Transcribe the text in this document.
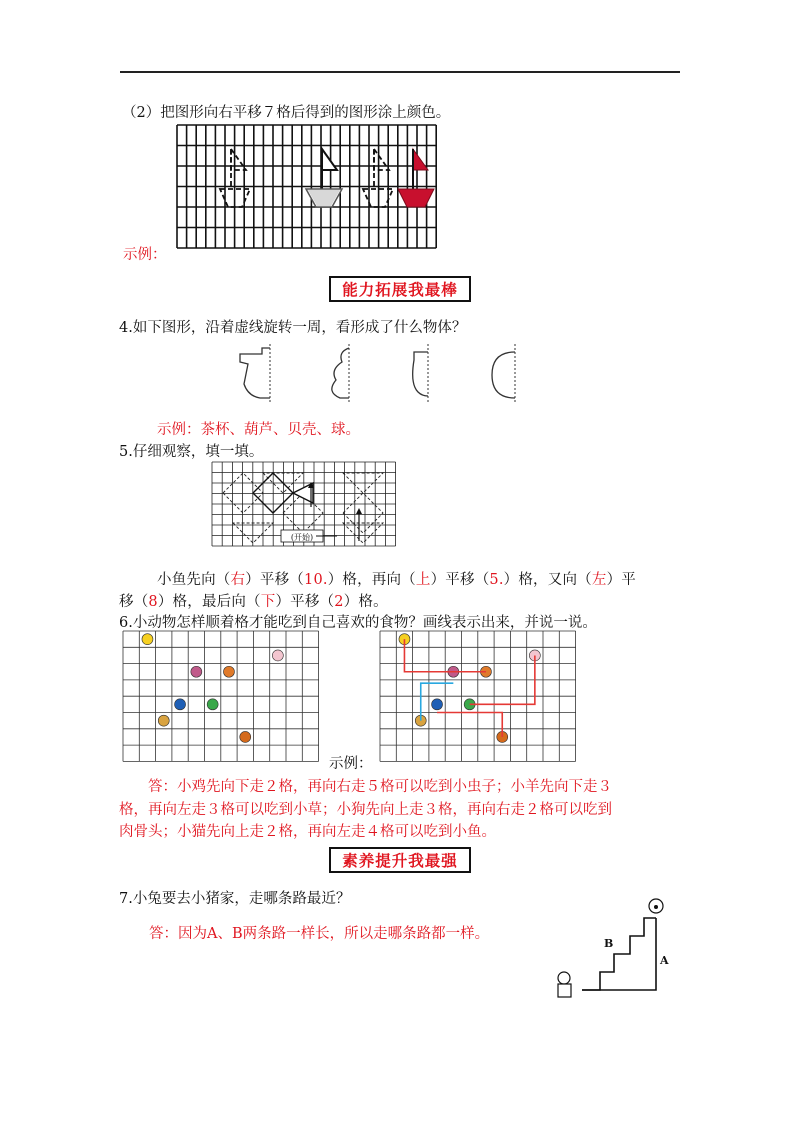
（2）把图形向右平移７格后得到的图形涂上颜色。
示例：
能力拓展我最棒
4.如下图形，沿着虚线旋转一周，看形成了什么物体？
示例：茶杯、葫芦、贝壳、球。
5.仔细观察，填一填。
(开始)
小鱼先向（右）平移（10.）格，再向（上）平移（5.）格，又向（左）平
移（8）格，最后向（下）平移（2）格。
6.小动物怎样顺着格才能吃到自己喜欢的食物？画线表示出来，并说一说。
示例：
答：小鸡先向下走２格，再向右走５格可以吃到小虫子；小羊先向下走３
格，再向左走３格可以吃到小草；小狗先向上走３格，再向右走２格可以吃到
肉骨头；小猫先向上走２格，再向左走４格可以吃到小鱼。
素养提升我最强
7.小兔要去小猪家，走哪条路最近？
答：因为A、B两条路一样长，所以走哪条路都一样。
B
A
